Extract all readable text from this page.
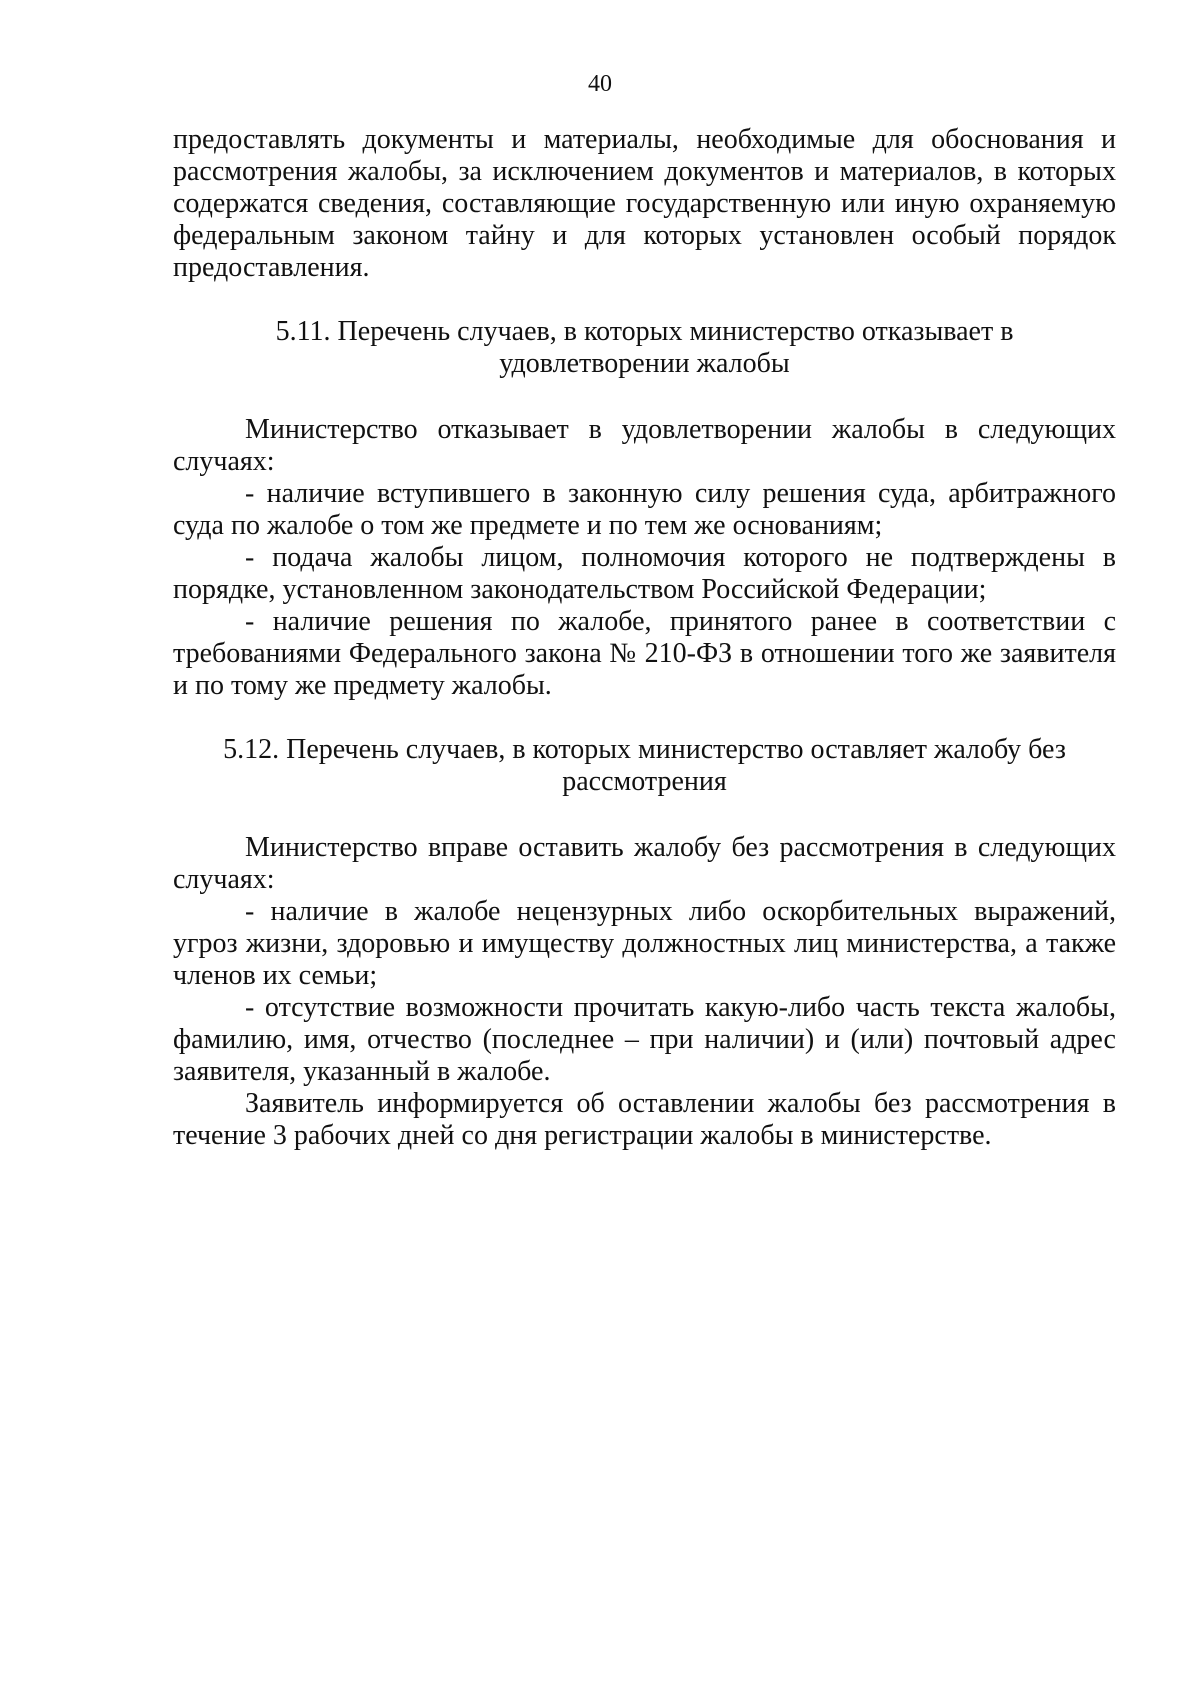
40

предоставлять документы и материалы, необходимые для обоснования и рассмотрения жалобы, за исключением документов и материалов, в которых содержатся сведения, составляющие государственную или иную охраняемую федеральным законом тайну и для которых установлен особый порядок предоставления.

5.11. Перечень случаев, в которых министерство отказывает в
удовлетворении жалобы

Министерство отказывает в удовлетворении жалобы в следующих случаях:

- наличие вступившего в законную силу решения суда, арбитражного суда по жалобе о том же предмете и по тем же основаниям;

- подача жалобы лицом, полномочия которого не подтверждены в порядке, установленном законодательством Российской Федерации;

- наличие решения по жалобе, принятого ранее в соответствии с требованиями Федерального закона № 210-ФЗ в отношении того же заявителя и по тому же предмету жалобы.

5.12. Перечень случаев, в которых министерство оставляет жалобу без
рассмотрения

Министерство вправе оставить жалобу без рассмотрения в следующих случаях:

- наличие в жалобе нецензурных либо оскорбительных выражений, угроз жизни, здоровью и имуществу должностных лиц министерства, а также членов их семьи;

- отсутствие возможности прочитать какую-либо часть текста жалобы, фамилию, имя, отчество (последнее – при наличии) и (или) почтовый адрес заявителя, указанный в жалобе.

Заявитель информируется об оставлении жалобы без рассмотрения в течение 3 рабочих дней со дня регистрации жалобы в министерстве.
